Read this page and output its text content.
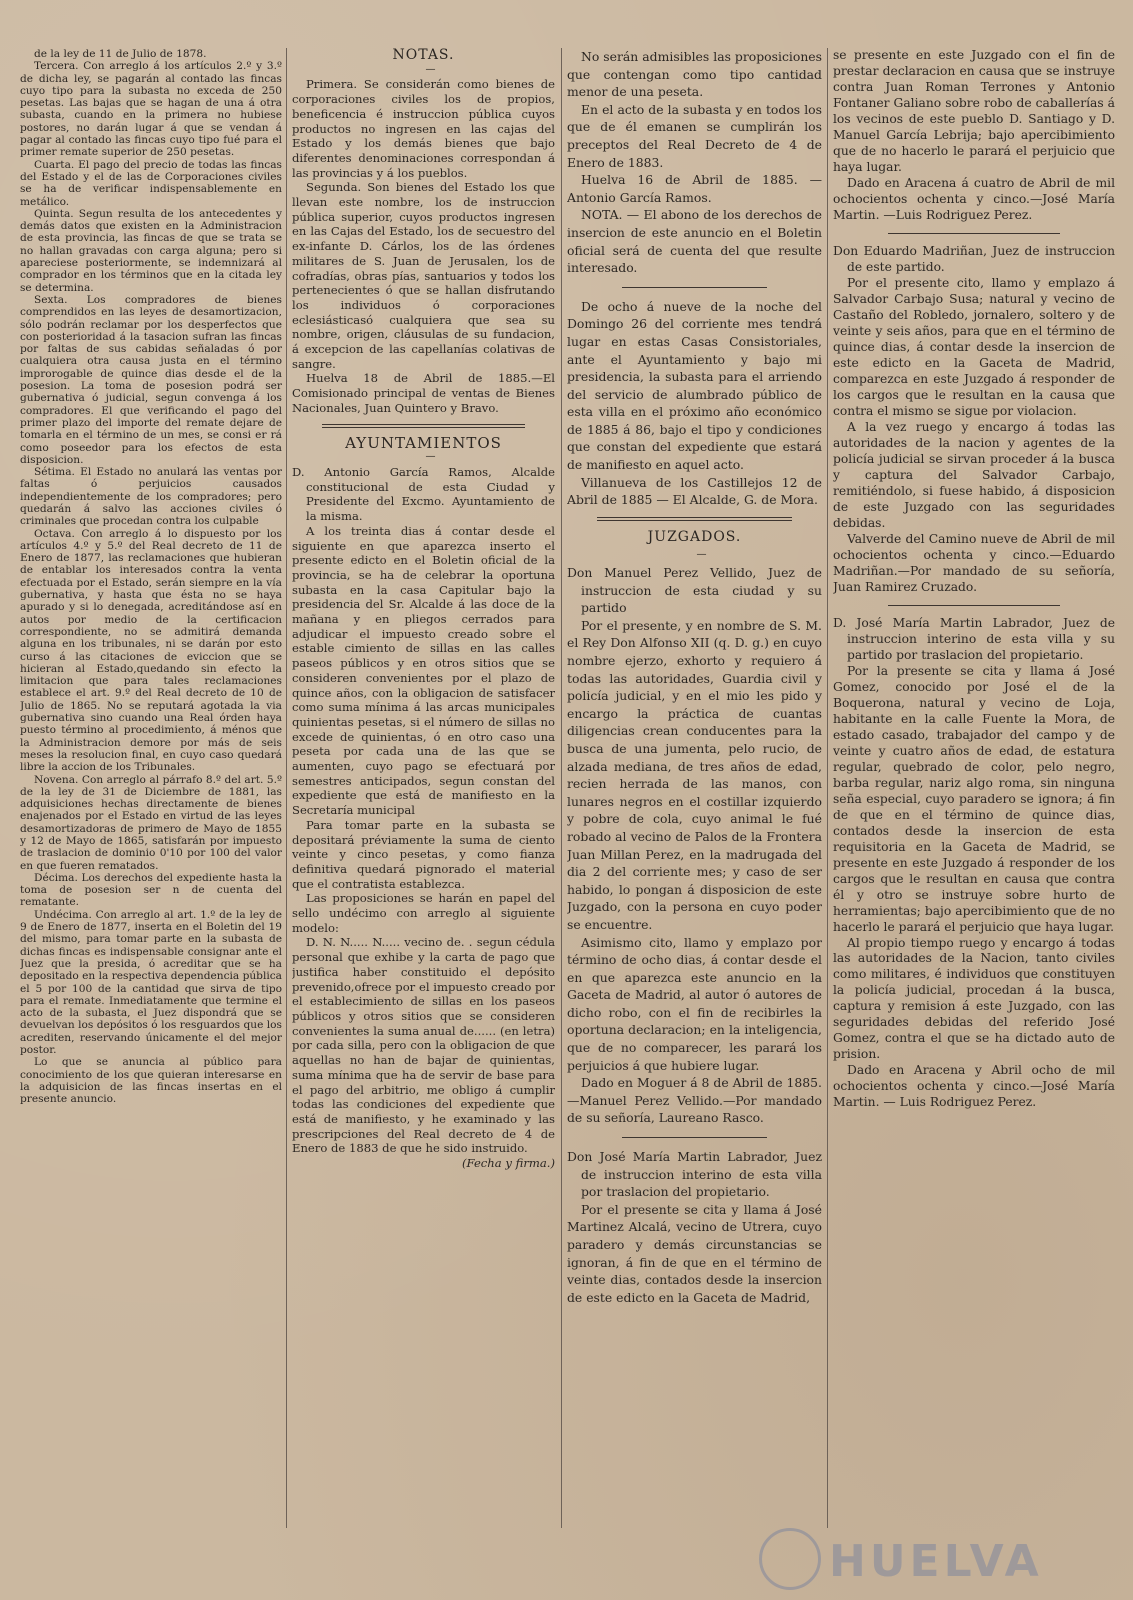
de la ley de 11 de Julio de 1878.

Tercera. Con arreglo á los artículos 2.º y 3.º de dicha ley, se pagarán al contado las fincas cuyo tipo para la subasta no exceda de 250 pesetas. Las bajas que se hagan de una á otra subasta, cuando en la primera no hubiese postores, no darán lugar á que se vendan á pagar al contado las fincas cuyo tipo fué para el primer remate superior de 250 pesetas.

Cuarta. El pago del precio de todas las fincas del Estado y el de las de Corporaciones civiles se ha de verificar indispensablemente en metálico.

Quinta. Segun resulta de los antecedentes y demás datos que existen en la Administracion de esta provincia, las fincas de que se trata se no hallan gravadas con carga alguna; pero si apareciese posteriormente, se indemnizará al comprador en los términos que en la citada ley se determina.

Sexta. Los compradores de bienes comprendidos en las leyes de desamortizacion, sólo podrán reclamar por los desperfectos que con posterioridad á la tasacion sufran las fincas por faltas de sus cabidas señaladas ó por cualquiera otra causa justa en el término improrogable de quince dias desde el de la posesion. La toma de posesion podrá ser gubernativa ó judicial, segun convenga á los compradores. El que verificando el pago del primer plazo del importe del remate dejare de tomarla en el término de un mes, se consi er rá como poseedor para los efectos de esta disposicion.

Sétima. El Estado no anulará las ventas por faltas ó perjuicios causados independientemente de los compradores; pero quedarán á salvo las acciones civiles ó criminales que procedan contra los culpable

Octava. Con arreglo á lo dispuesto por los artículos 4.º y 5.º del Real decreto de 11 de Enero de 1877, las reclamaciones que hubieran de entablar los interesados contra la venta efectuada por el Estado, serán siempre en la vía gubernativa, y hasta que ésta no se haya apurado y si lo denegada, acreditándose así en autos por medio de la certificacion correspondiente, no se admitirá demanda alguna en los tribunales, ni se darán por esto curso á las citaciones de eviccion que se hicieran al Estado,quedando sin efecto la limitacion que para tales reclamaciones establece el art. 9.º del Real decreto de 10 de Julio de 1865. No se reputará agotada la via gubernativa sino cuando una Real órden haya puesto término al procedimiento, á ménos que la Administracion demore por más de seis meses la resolucion final, en cuyo caso quedará libre la accion de los Tribunales.

Novena. Con arreglo al párrafo 8.º del art. 5.º de la ley de 31 de Diciembre de 1881, las adquisiciones hechas directamente de bienes enajenados por el Estado en virtud de las leyes desamortizadoras de primero de Mayo de 1855 y 12 de Mayo de 1865, satisfarán por impuesto de traslacion de dominio 0'10 por 100 del valor en que fueren rematados.

Décima. Los derechos del expediente hasta la toma de posesion ser n de cuenta del rematante.

Undécima. Con arreglo al art. 1.º de la ley de 9 de Enero de 1877, inserta en el Boletin del 19 del mismo, para tomar parte en la subasta de dichas fincas es indispensable consignar ante el Juez que la presida, ó acreditar que se ha depositado en la respectiva dependencia pública el 5 por 100 de la cantidad que sirva de tipo para el remate. Inmediatamente que termine el acto de la subasta, el Juez dispondrá que se devuelvan los depósitos ó los resguardos que los acrediten, reservando únicamente el del mejor postor.

Lo que se anuncia al público para conocimiento de los que quieran interesarse en la adquisicion de las fincas insertas en el presente anuncio.

NOTAS.

—

Primera. Se considerán como bienes de corporaciones civiles los de propios, beneficencia é instruccion pública cuyos productos no ingresen en las cajas del Estado y los demás bienes que bajo diferentes denominaciones correspondan á las provincias y á los pueblos.

Segunda. Son bienes del Estado los que llevan este nombre, los de instruccion pública superior, cuyos productos ingresen en las Cajas del Estado, los de secuestro del ex-infante D. Cárlos, los de las órdenes militares de S. Juan de Jerusalen, los de cofradías, obras pías, santuarios y todos los pertenecientes ó que se hallan disfrutando los individuos ó corporaciones eclesiásticasó cualquiera que sea su nombre, origen, cláusulas de su fundacion, á excepcion de las capellanías colativas de sangre.

Huelva 18 de Abril de 1885.—El Comisionado principal de ventas de Bienes Nacionales, Juan Quintero y Bravo.

AYUNTAMIENTOS

—

D. Antonio García Ramos, Alcalde constitucional de esta Ciudad y Presidente del Excmo. Ayuntamiento de la misma.

A los treinta dias á contar desde el siguiente en que aparezca inserto el presente edicto en el Boletin oficial de la provincia, se ha de celebrar la oportuna subasta en la casa Capitular bajo la presidencia del Sr. Alcalde á las doce de la mañana y en pliegos cerrados para adjudicar el impuesto creado sobre el estable cimiento de sillas en las calles paseos públicos y en otros sitios que se consideren convenientes por el plazo de quince años, con la obligacion de satisfacer como suma mínima á las arcas municipales quinientas pesetas, si el número de sillas no excede de quinientas, ó en otro caso una peseta por cada una de las que se aumenten, cuyo pago se efectuará por semestres anticipados, segun constan del expediente que está de manifiesto en la Secretaría municipal

Para tomar parte en la subasta se depositará préviamente la suma de ciento veinte y cinco pesetas, y como fianza definitiva quedará pignorado el material que el contratista establezca.

Las proposiciones se harán en papel del sello undécimo con arreglo al siguiente modelo:

D. N. N..... N..... vecino de. . segun cédula personal que exhibe y la carta de pago que justifica haber constituido el depósito prevenido,ofrece por el impuesto creado por el establecimiento de sillas en los paseos públicos y otros sitios que se consideren convenientes la suma anual de...... (en letra) por cada silla, pero con la obligacion de que aquellas no han de bajar de quinientas, suma mínima que ha de servir de base para el pago del arbitrio, me obligo á cumplir todas las condiciones del expediente que está de manifiesto, y he examinado y las prescripciones del Real decreto de 4 de Enero de 1883 de que he sido instruido.

(Fecha y firma.)

No serán admisibles las proposiciones que contengan como tipo cantidad menor de una peseta.

En el acto de la subasta y en todos los que de él emanen se cumplirán los preceptos del Real Decreto de 4 de Enero de 1883.

Huelva 16 de Abril de 1885. —Antonio García Ramos.

NOTA. — El abono de los derechos de insercion de este anuncio en el Boletin oficial será de cuenta del que resulte interesado.

De ocho á nueve de la noche del Domingo 26 del corriente mes tendrá lugar en estas Casas Consistoriales, ante el Ayuntamiento y bajo mi presidencia, la subasta para el arriendo del servicio de alumbrado público de esta villa en el próximo año económico de 1885 á 86, bajo el tipo y condiciones que constan del expediente que estará de manifiesto en aquel acto.

Villanueva de los Castillejos 12 de Abril de 1885 — El Alcalde, G. de Mora.

JUZGADOS.

—

Don Manuel Perez Vellido, Juez de instruccion de esta ciudad y su partido

Por el presente, y en nombre de S. M. el Rey Don Alfonso XII (q. D. g.) en cuyo nombre ejerzo, exhorto y requiero á todas las autoridades, Guardia civil y policía judicial, y en el mio les pido y encargo la práctica de cuantas diligencias crean conducentes para la busca de una jumenta, pelo rucio, de alzada mediana, de tres años de edad, recien herrada de las manos, con lunares negros en el costillar izquierdo y pobre de cola, cuyo animal le fué robado al vecino de Palos de la Frontera Juan Millan Perez, en la madrugada del dia 2 del corriente mes; y caso de ser habido, lo pongan á disposicion de este Juzgado, con la persona en cuyo poder se encuentre.

Asimismo cito, llamo y emplazo por término de ocho dias, á contar desde el en que aparezca este anuncio en la Gaceta de Madrid, al autor ó autores de dicho robo, con el fin de recibirles la oportuna declaracion; en la inteligencia, que de no comparecer, les parará los perjuicios á que hubiere lugar.

Dado en Moguer á 8 de Abril de 1885.—Manuel Perez Vellido.—Por mandado de su señoría, Laureano Rasco.

Don José María Martin Labrador, Juez de instruccion interino de esta villa por traslacion del propietario.

Por el presente se cita y llama á José Martinez Alcalá, vecino de Utrera, cuyo paradero y demás circunstancias se ignoran, á fin de que en el término de veinte dias, contados desde la insercion de este edicto en la Gaceta de Madrid,

se presente en este Juzgado con el fin de prestar declaracion en causa que se instruye contra Juan Roman Terrones y Antonio Fontaner Galiano sobre robo de caballerías á los vecinos de este pueblo D. Santiago y D. Manuel García Lebrija; bajo apercibimiento que de no hacerlo le parará el perjuicio que haya lugar.

Dado en Aracena á cuatro de Abril de mil ochocientos ochenta y cinco.—José María Martin. —Luis Rodriguez Perez.

Don Eduardo Madriñan, Juez de instruccion de este partido.

Por el presente cito, llamo y emplazo á Salvador Carbajo Susa; natural y vecino de Castaño del Robledo, jornalero, soltero y de veinte y seis años, para que en el término de quince dias, á contar desde la insercion de este edicto en la Gaceta de Madrid, comparezca en este Juzgado á responder de los cargos que le resultan en la causa que contra el mismo se sigue por violacion.

A la vez ruego y encargo á todas las autoridades de la nacion y agentes de la policía judicial se sirvan proceder á la busca y captura del Salvador Carbajo, remitiéndolo, si fuese habido, á disposicion de este Juzgado con las seguridades debidas.

Valverde del Camino nueve de Abril de mil ochocientos ochenta y cinco.—Eduardo Madriñan.—Por mandado de su señoría, Juan Ramirez Cruzado.

D. José María Martin Labrador, Juez de instruccion interino de esta villa y su partido por traslacion del propietario.

Por la presente se cita y llama á José Gomez, conocido por José el de la Boquerona, natural y vecino de Loja, habitante en la calle Fuente la Mora, de estado casado, trabajador del campo y de veinte y cuatro años de edad, de estatura regular, quebrado de color, pelo negro, barba regular, nariz algo roma, sin ninguna seña especial, cuyo paradero se ignora; á fin de que en el término de quince dias, contados desde la insercion de esta requisitoria en la Gaceta de Madrid, se presente en este Juzgado á responder de los cargos que le resultan en causa que contra él y otro se instruye sobre hurto de herramientas; bajo apercibimiento que de no hacerlo le parará el perjuicio que haya lugar.

Al propio tiempo ruego y encargo á todas las autoridades de la Nacion, tanto civiles como militares, é individuos que constituyen la policía judicial, procedan á la busca, captura y remision á este Juzgado, con las seguridades debidas del referido José Gomez, contra el que se ha dictado auto de prision.

Dado en Aracena y Abril ocho de mil ochocientos ochenta y cinco.—José María Martin. — Luis Rodriguez Perez.

HUELVA
